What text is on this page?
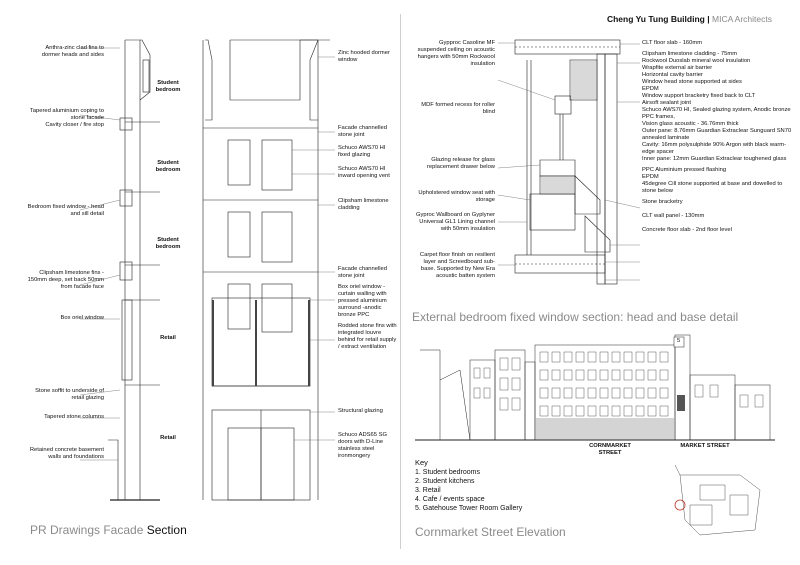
Cheng Yu Tung Building | MICA Architects
Anthra-zinc clad fins to dormer heads and sides
Tapered aluminium coping to stone facade
Cavity closer / fire stop
Bedroom fixed window - head and sill detail
Clipsham limestone fins - 150mm deep, set back 50mm from facade face
Box oriel window
Stone soffit to underside of retail glazing
Tapered stone columns
Retained concrete basement walls and foundations
Student bedroom
Student bedroom
Student bedroom
Retail
Retail
Zinc hooded dormer window
Facade channelled stone joint
Schuco AWS70 HI fixed glazing
Schuco AWS70 HI inward opening vent
Clipsham limestone cladding
Facade channelled stone joint
Box oriel window - curtain walling with pressed aluminium surround -anodic bronze PPC
Rodded stone fins with integrated louvre behind for retail supply / extract ventilation
Structural glazing
Schuco ADS65 SG doors with D-Line stainless steel ironmongery
PR Drawings Facade Section
Gypproc Casoline MF suspended ceiling on acoustic hangers with 50mm Rockwool insulation
MDF formed recess for roller blind
Glazing release for glass replacement drawer below
Upholstered window seat with storage
Gyproc Wallboard on Gyplyner Universal GL1 Lining channel with 50mm insulation
Carpet floor finish on resilient layer and Screedboard sub-base. Supported by New Era acoustic batten system
CLT floor slab - 160mm
Clipsham limestone cladding - 75mm
Rockwool Duoslab mineral wool insulation
Wrapfite external air barrier
Horizontal cavity barrier
Window head stone supported at sides
EPDM
Window support bracketry fixed back to CLT
Airsoft sealant joint
Schuco AWS70 HI, Sealed glazing system, Anodic bronze PPC frames,
Vision glass acoustic - 36.76mm thick
Outer pane: 8.76mm Guardian Extraclear Sunguard SN70 annealed laminate
Cavity: 16mm polysulphide 90% Argon with black warm-edge spacer
Inner pane: 12mm Guardian Extraclear toughened glass
PPC Aluminium pressed flashing
EPDM
45degree Cill stone supported at base and dowelled to stone below
Stone bracketry
CLT wall panel - 130mm
Concrete floor slab - 2nd floor level
External bedroom fixed window section: head and base detail
CORNMARKET STREET
MARKET STREET
5
Key
1. Student bedrooms
2. Student kitchens
3. Retail
4. Cafe / events space
5. Gatehouse Tower Room Gallery
Cornmarket Street Elevation
